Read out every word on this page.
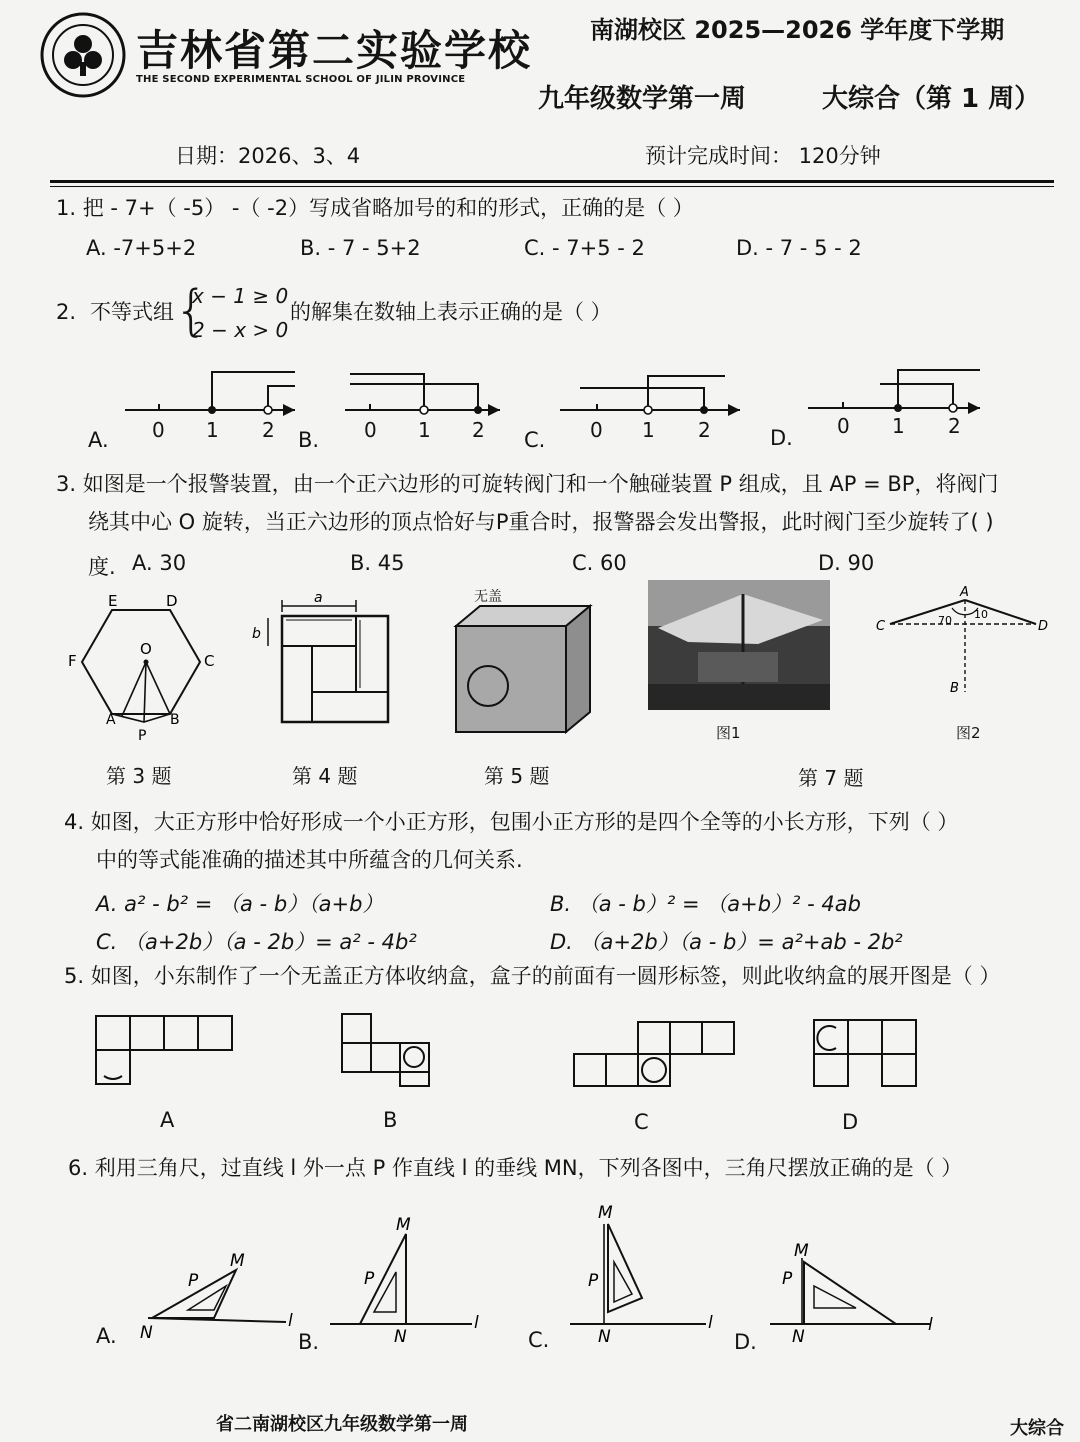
吉林省第二实验学校
THE SECOND EXPERIMENTAL SCHOOL OF JILIN PROVINCE
南湖校区 2025—2026 学年度下学期
九年级数学第一周	大综合（第 1 周）
日期：2026、3、4	预计完成时间： 120分钟
1. 把 - 7+（ -5） -（ -2）写成省略加号的和的形式，正确的是（ ）
A. -7+5+2	B. - 7 - 5+2	C. - 7+5 - 2	D. - 7 - 5 - 2
2. 不等式组 {
x − 1 ≥ 0
2 − x > 0
的解集在数轴上表示正确的是（ ）
A.	B.	C.	D.
0 1 2	0 1 2	0 1 2	0 1 2
3. 如图是一个报警装置，由一个正六边形的可旋转阀门和一个触碰装置 P 组成，且 AP = BP，将阀门
绕其中心 O 旋转，当正六边形的顶点恰好与P重合时，报警器会发出警报，此时阀门至少旋转了( )
度. A. 30	B. 45	C. 60	D. 90
E	D
F	C
O
A	B
P
a
b
无盖
图1
A
C	D
B
70 10
图2
第 3 题	第 4 题	第 5 题	第 7 题
4. 如图，大正方形中恰好形成一个小正方形，包围小正方形的是四个全等的小长方形，下列（ ）
中的等式能准确的描述其中所蕴含的几何关系.
A. a² - b² = （a - b）（a+b）	B. （a - b）² = （a+b）² - 4ab
C. （a+2b）（a - 2b）= a² - 4b²	D. （a+2b）（a - b）= a²+ab - 2b²
5. 如图，小东制作了一个无盖正方体收纳盒，盒子的前面有一圆形标签，则此收纳盒的展开图是（ ）
A	B	C	D
6. 利用三角尺，过直线 l 外一点 P 作直线 l 的垂线 MN，下列各图中，三角尺摆放正确的是（ ）
M
P
N
l
M
P
N
l
M
P
N
l
M
P
N
l
A.	B.	C.	D.
省二南湖校区九年级数学第一周	大综合
